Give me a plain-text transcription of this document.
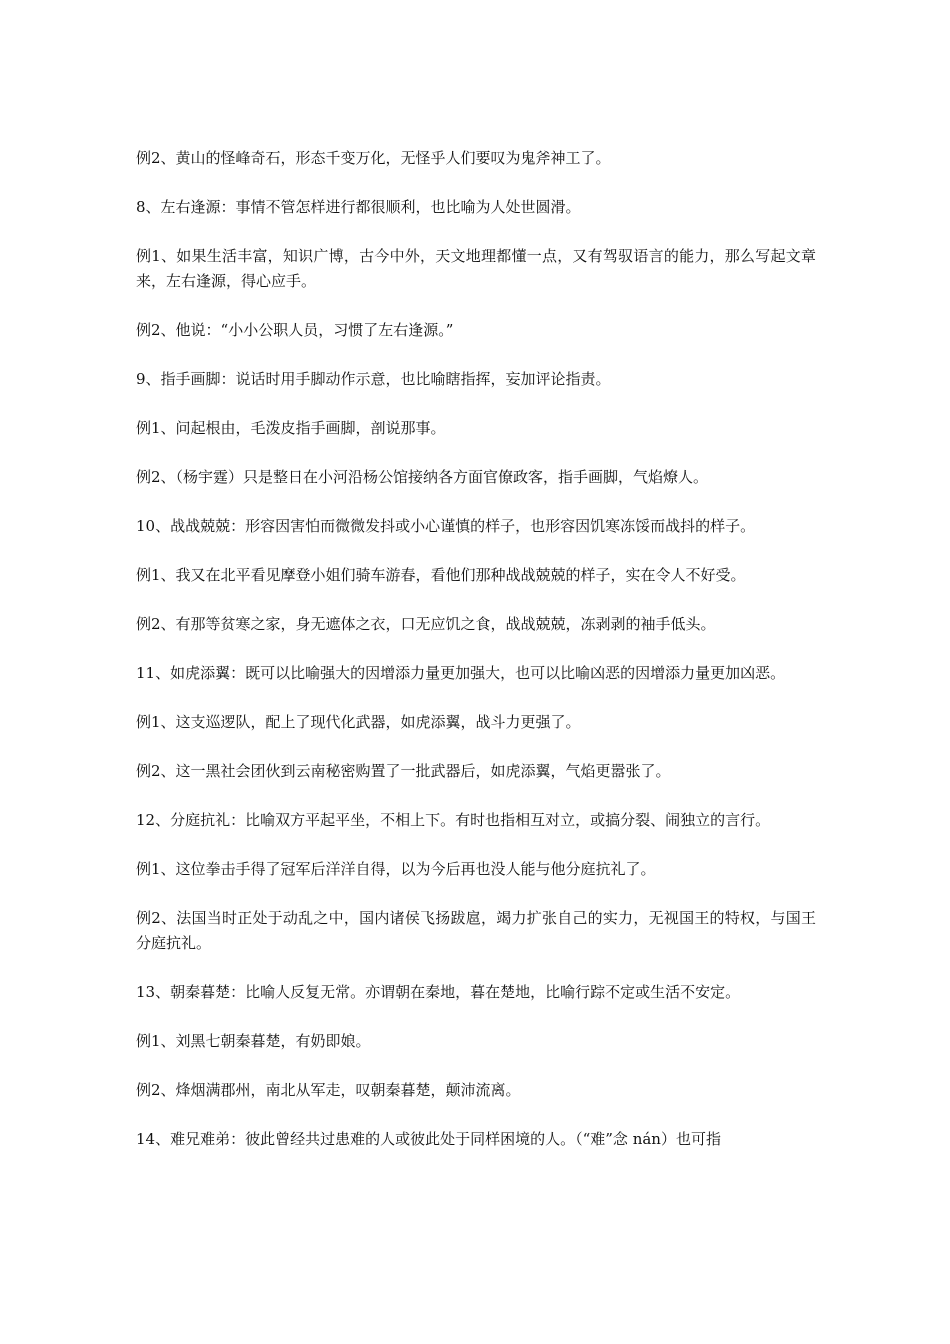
例2、黄山的怪峰奇石，形态千变万化，无怪乎人们要叹为鬼斧神工了。

8、左右逢源：事情不管怎样进行都很顺利，也比喻为人处世圆滑。

例1、如果生活丰富，知识广博，古今中外，天文地理都懂一点，又有驾驭语言的能力，那么写起文章来，左右逢源，得心应手。

例2、他说：“小小公职人员，习惯了左右逢源。”

9、指手画脚：说话时用手脚动作示意，也比喻瞎指挥，妄加评论指责。

例1、问起根由，毛泼皮指手画脚，剖说那事。

例2、（杨宇霆）只是整日在小河沿杨公馆接纳各方面官僚政客，指手画脚，气焰燎人。

10、战战兢兢：形容因害怕而微微发抖或小心谨慎的样子，也形容因饥寒冻馁而战抖的样子。

例1、我又在北平看见摩登小姐们骑车游春，看他们那种战战兢兢的样子，实在令人不好受。

例2、有那等贫寒之家，身无遮体之衣，口无应饥之食，战战兢兢，冻剥剥的袖手低头。

11、如虎添翼：既可以比喻强大的因增添力量更加强大，也可以比喻凶恶的因增添力量更加凶恶。

例1、这支巡逻队，配上了现代化武器，如虎添翼，战斗力更强了。

例2、这一黑社会团伙到云南秘密购置了一批武器后，如虎添翼，气焰更嚣张了。

12、分庭抗礼：比喻双方平起平坐，不相上下。有时也指相互对立，或搞分裂、闹独立的言行。

例1、这位拳击手得了冠军后洋洋自得，以为今后再也没人能与他分庭抗礼了。

例2、法国当时正处于动乱之中，国内诸侯飞扬跋扈，竭力扩张自己的实力，无视国王的特权，与国王分庭抗礼。

13、朝秦暮楚：比喻人反复无常。亦谓朝在秦地，暮在楚地，比喻行踪不定或生活不安定。

例1、刘黑七朝秦暮楚，有奶即娘。

例2、烽烟满郡州，南北从军走，叹朝秦暮楚，颠沛流离。

14、难兄难弟：彼此曾经共过患难的人或彼此处于同样困境的人。（“难”念 nán）也可指
